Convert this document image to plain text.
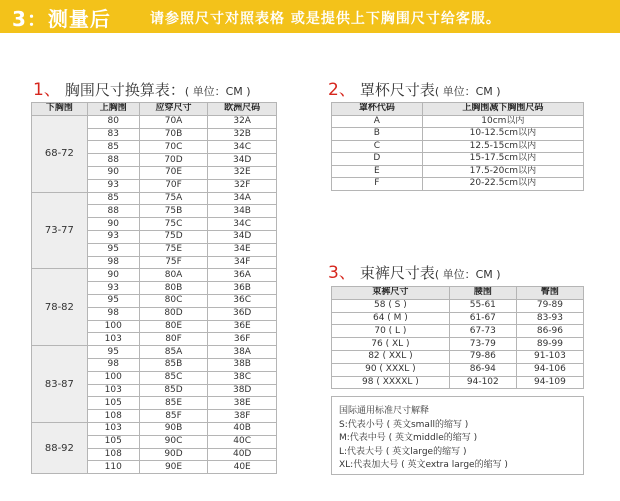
3：测量后	请参照尺寸对照表格 或是提供上下胸围尺寸给客服。
1、 胸围尺寸换算表：( 单位：CM )	2、 罩杯尺寸表( 单位：CM )
3、 束裤尺寸表( 单位：CM )
下胸围	上胸围	应穿尺寸	欧洲尺码
68-72	80	70A	32A
	83	70B	32B
	85	70C	34C
	88	70D	34D
	90	70E	32E
	93	70F	32F
73-77	85	75A	34A
	88	75B	34B
	90	75C	34C
	93	75D	34D
	95	75E	34E
	98	75F	34F
78-82	90	80A	36A
	93	80B	36B
	95	80C	36C
	98	80D	36D
	100	80E	36E
	103	80F	36F
83-87	95	85A	38A
	98	85B	38B
	100	85C	38C
	103	85D	38D
	105	85E	38E
	108	85F	38F
88-92	103	90B	40B
	105	90C	40C
	108	90D	40D
	110	90E	40E
罩杯代码	上胸围减下胸围尺码
A	10cm以内
B	10-12.5cm以内
C	12.5-15cm以内
D	15-17.5cm以内
E	17.5-20cm以内
F	20-22.5cm以内
束裤尺寸	腰围	臀围
58 ( S )	55-61	79-89
64 ( M )	61-67	83-93
70 ( L )	67-73	86-96
76 ( XL )	73-79	89-99
82 ( XXL )	79-86	91-103
90 ( XXXL )	86-94	94-106
98 ( XXXXL )	94-102	94-109
国际通用标准尺寸解释
S:代表小号 ( 英文small的缩写 )
M:代表中号 ( 英文middle的缩写 )
L:代表大号 ( 英文large的缩写 )
XL:代表加大号 ( 英文extra large的缩写 )
